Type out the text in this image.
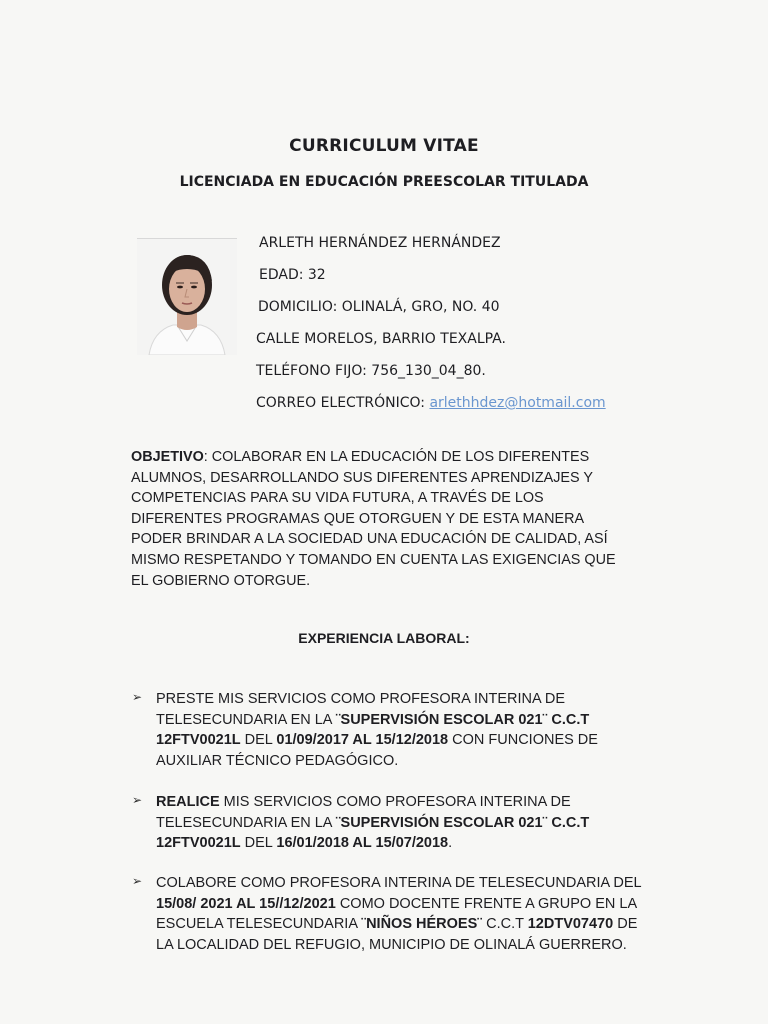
CURRICULUM VITAE
LICENCIADA EN EDUCACIÓN PREESCOLAR TITULADA
ARLETH HERNÁNDEZ HERNÁNDEZ
EDAD: 32
DOMICILIO: OLINALÁ, GRO, NO. 40
CALLE MORELOS, BARRIO TEXALPA.
TELÉFONO FIJO: 756_130_04_80.
CORREO ELECTRÓNICO: arlethhdez@hotmail.com
OBJETIVO: COLABORAR EN LA EDUCACIÓN DE LOS DIFERENTES
ALUMNOS, DESARROLLANDO SUS DIFERENTES APRENDIZAJES Y
COMPETENCIAS PARA SU VIDA FUTURA, A TRAVÉS DE LOS
DIFERENTES PROGRAMAS QUE OTORGUEN Y DE ESTA MANERA
PODER BRINDAR A LA SOCIEDAD UNA EDUCACIÓN DE CALIDAD, ASÍ
MISMO RESPETANDO Y TOMANDO EN CUENTA LAS EXIGENCIAS QUE
EL GOBIERNO OTORGUE.
EXPERIENCIA LABORAL:
➢ PRESTE MIS SERVICIOS COMO PROFESORA INTERINA DE
TELESECUNDARIA EN LA ¨SUPERVISIÓN ESCOLAR 021¨ C.C.T
12FTV0021L DEL 01/09/2017 AL 15/12/2018 CON FUNCIONES DE
AUXILIAR TÉCNICO PEDAGÓGICO.
➢ REALICE MIS SERVICIOS COMO PROFESORA INTERINA DE
TELESECUNDARIA EN LA ¨SUPERVISIÓN ESCOLAR 021¨ C.C.T
12FTV0021L DEL 16/01/2018 AL 15/07/2018.
➢ COLABORE COMO PROFESORA INTERINA DE TELESECUNDARIA DEL
15/08/ 2021 AL 15//12/2021 COMO DOCENTE FRENTE A GRUPO EN LA
ESCUELA TELESECUNDARIA ¨NIÑOS HÉROES¨ C.C.T 12DTV07470 DE
LA LOCALIDAD DEL REFUGIO, MUNICIPIO DE OLINALÁ GUERRERO.
